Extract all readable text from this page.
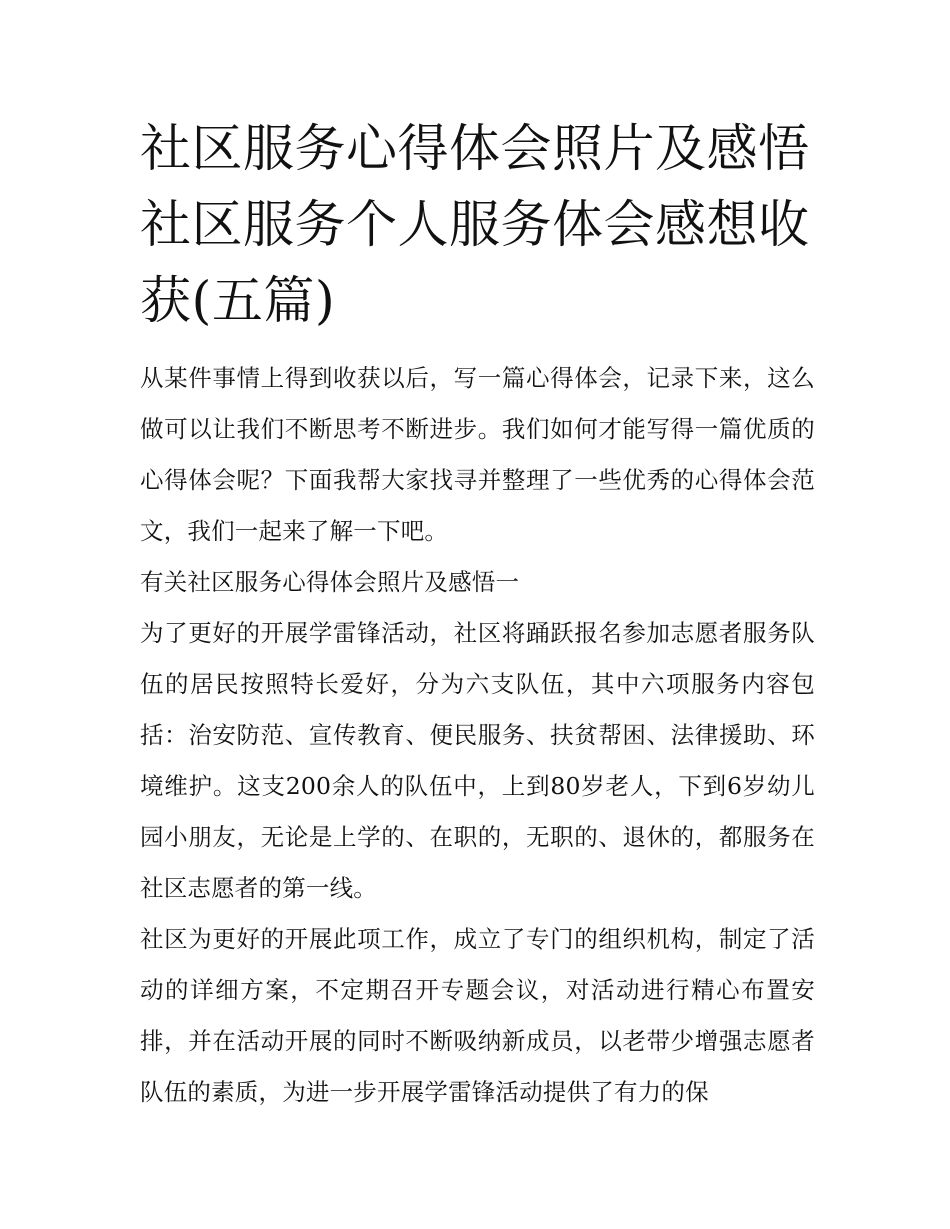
社区服务心得体会照片及感悟社区服务个人服务体会感想收获(五篇)

从某件事情上得到收获以后，写一篇心得体会，记录下来，这么做可以让我们不断思考不断进步。我们如何才能写得一篇优质的心得体会呢？下面我帮大家找寻并整理了一些优秀的心得体会范文，我们一起来了解一下吧。

有关社区服务心得体会照片及感悟一

为了更好的开展学雷锋活动，社区将踊跃报名参加志愿者服务队伍的居民按照特长爱好，分为六支队伍，其中六项服务内容包括：治安防范、宣传教育、便民服务、扶贫帮困、法律援助、环境维护。这支200余人的队伍中，上到80岁老人，下到6岁幼儿园小朋友，无论是上学的、在职的，无职的、退休的，都服务在社区志愿者的第一线。

社区为更好的开展此项工作，成立了专门的组织机构，制定了活动的详细方案，不定期召开专题会议，对活动进行精心布置安排，并在活动开展的同时不断吸纳新成员，以老带少增强志愿者队伍的素质，为进一步开展学雷锋活动提供了有力的保
